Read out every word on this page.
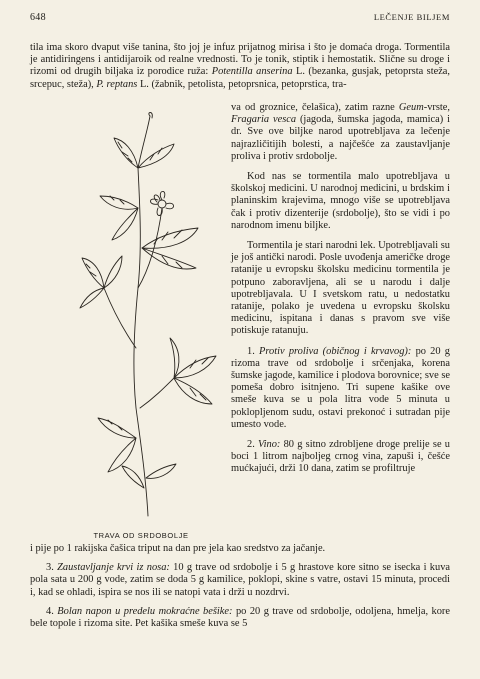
648	LEČENJE BILJEM

tila ima skoro dvaput više tanina, što joj je infuz prijatnog mirisa i što je domaća droga. Tormentila je antidiringens i antidijaroik od realne vrednosti. To je tonik, stiptik i hemostatik. Slične su droge i rizomi od drugih biljaka iz porodice ruža: Potentilla anserina L. (bezanka, gusjak, petoprsta steža, srcepuc, steža), P. reptans L. (žabnik, petolista, petoprsnica, petoprstica, tra-

TRAVA OD SRDOBOLJE

va od groznice, čelašica), zatim razne Geum-vrste, Fragaria vesca (jagoda, šumska jagoda, mamica) i dr. Sve ove biljke narod upotrebljava za lečenje najrazličitijih bolesti, a najčešće za zaustavljanje proliva i protiv srdobolje.

Kod nas se tormentila malo upotrebljava u školskoj medicini. U narodnoj medicini, u brdskim i planinskim krajevima, mnogo više se upotrebljava čak i protiv dizenterije (srdobolje), što se vidi i po narodnom imenu biljke.

Tormentila je stari narodni lek. Upotrebljavali su je još antički narodi. Posle uvođenja američke droge ratanije u evropsku školsku medicinu tormentila je potpuno zaboravljena, ali se u narodu i dalje upotrebljavala. U I svetskom ratu, u nedostatku ratanije, polako je uvedena u evropsku školsku medicinu, ispitana i danas s pravom sve više potiskuje ratanuju.

1. Protiv proliva (običnog i krvavog): po 20 g rizoma trave od srdobolje i srčenjaka, korena šumske jagode, kamilice i plodova borovnice; sve se pomeša dobro isitnjeno. Tri supene kašike ove smeše kuva se u pola litra vode 5 minuta u poklopljenom sudu, ostavi prekonoć i sutradan pije umesto vode.

2. Vino: 80 g sitno zdrobljene droge prelije se u boci 1 litrom najboljeg crnog vina, zapuši i, češće mućkajući, drži 10 dana, zatim se profiltruje

i pije po 1 rakijska čašica triput na dan pre jela kao sredstvo za jačanje.

3. Zaustavljanje krvi iz nosa: 10 g trave od srdobolje i 5 g hrastove kore sitno se isecka i kuva pola sata u 200 g vode, zatim se doda 5 g kamilice, poklopi, skine s vatre, ostavi 15 minuta, procedi i, kad se ohladi, ispira se nos ili se natopi vata i drži u nozdrvi.

4. Bolan napon u predelu mokraćne bešike: po 20 g trave od srdobolje, odoljena, hmelja, kore bele topole i rizoma site. Pet kašika smeše kuva se 5
